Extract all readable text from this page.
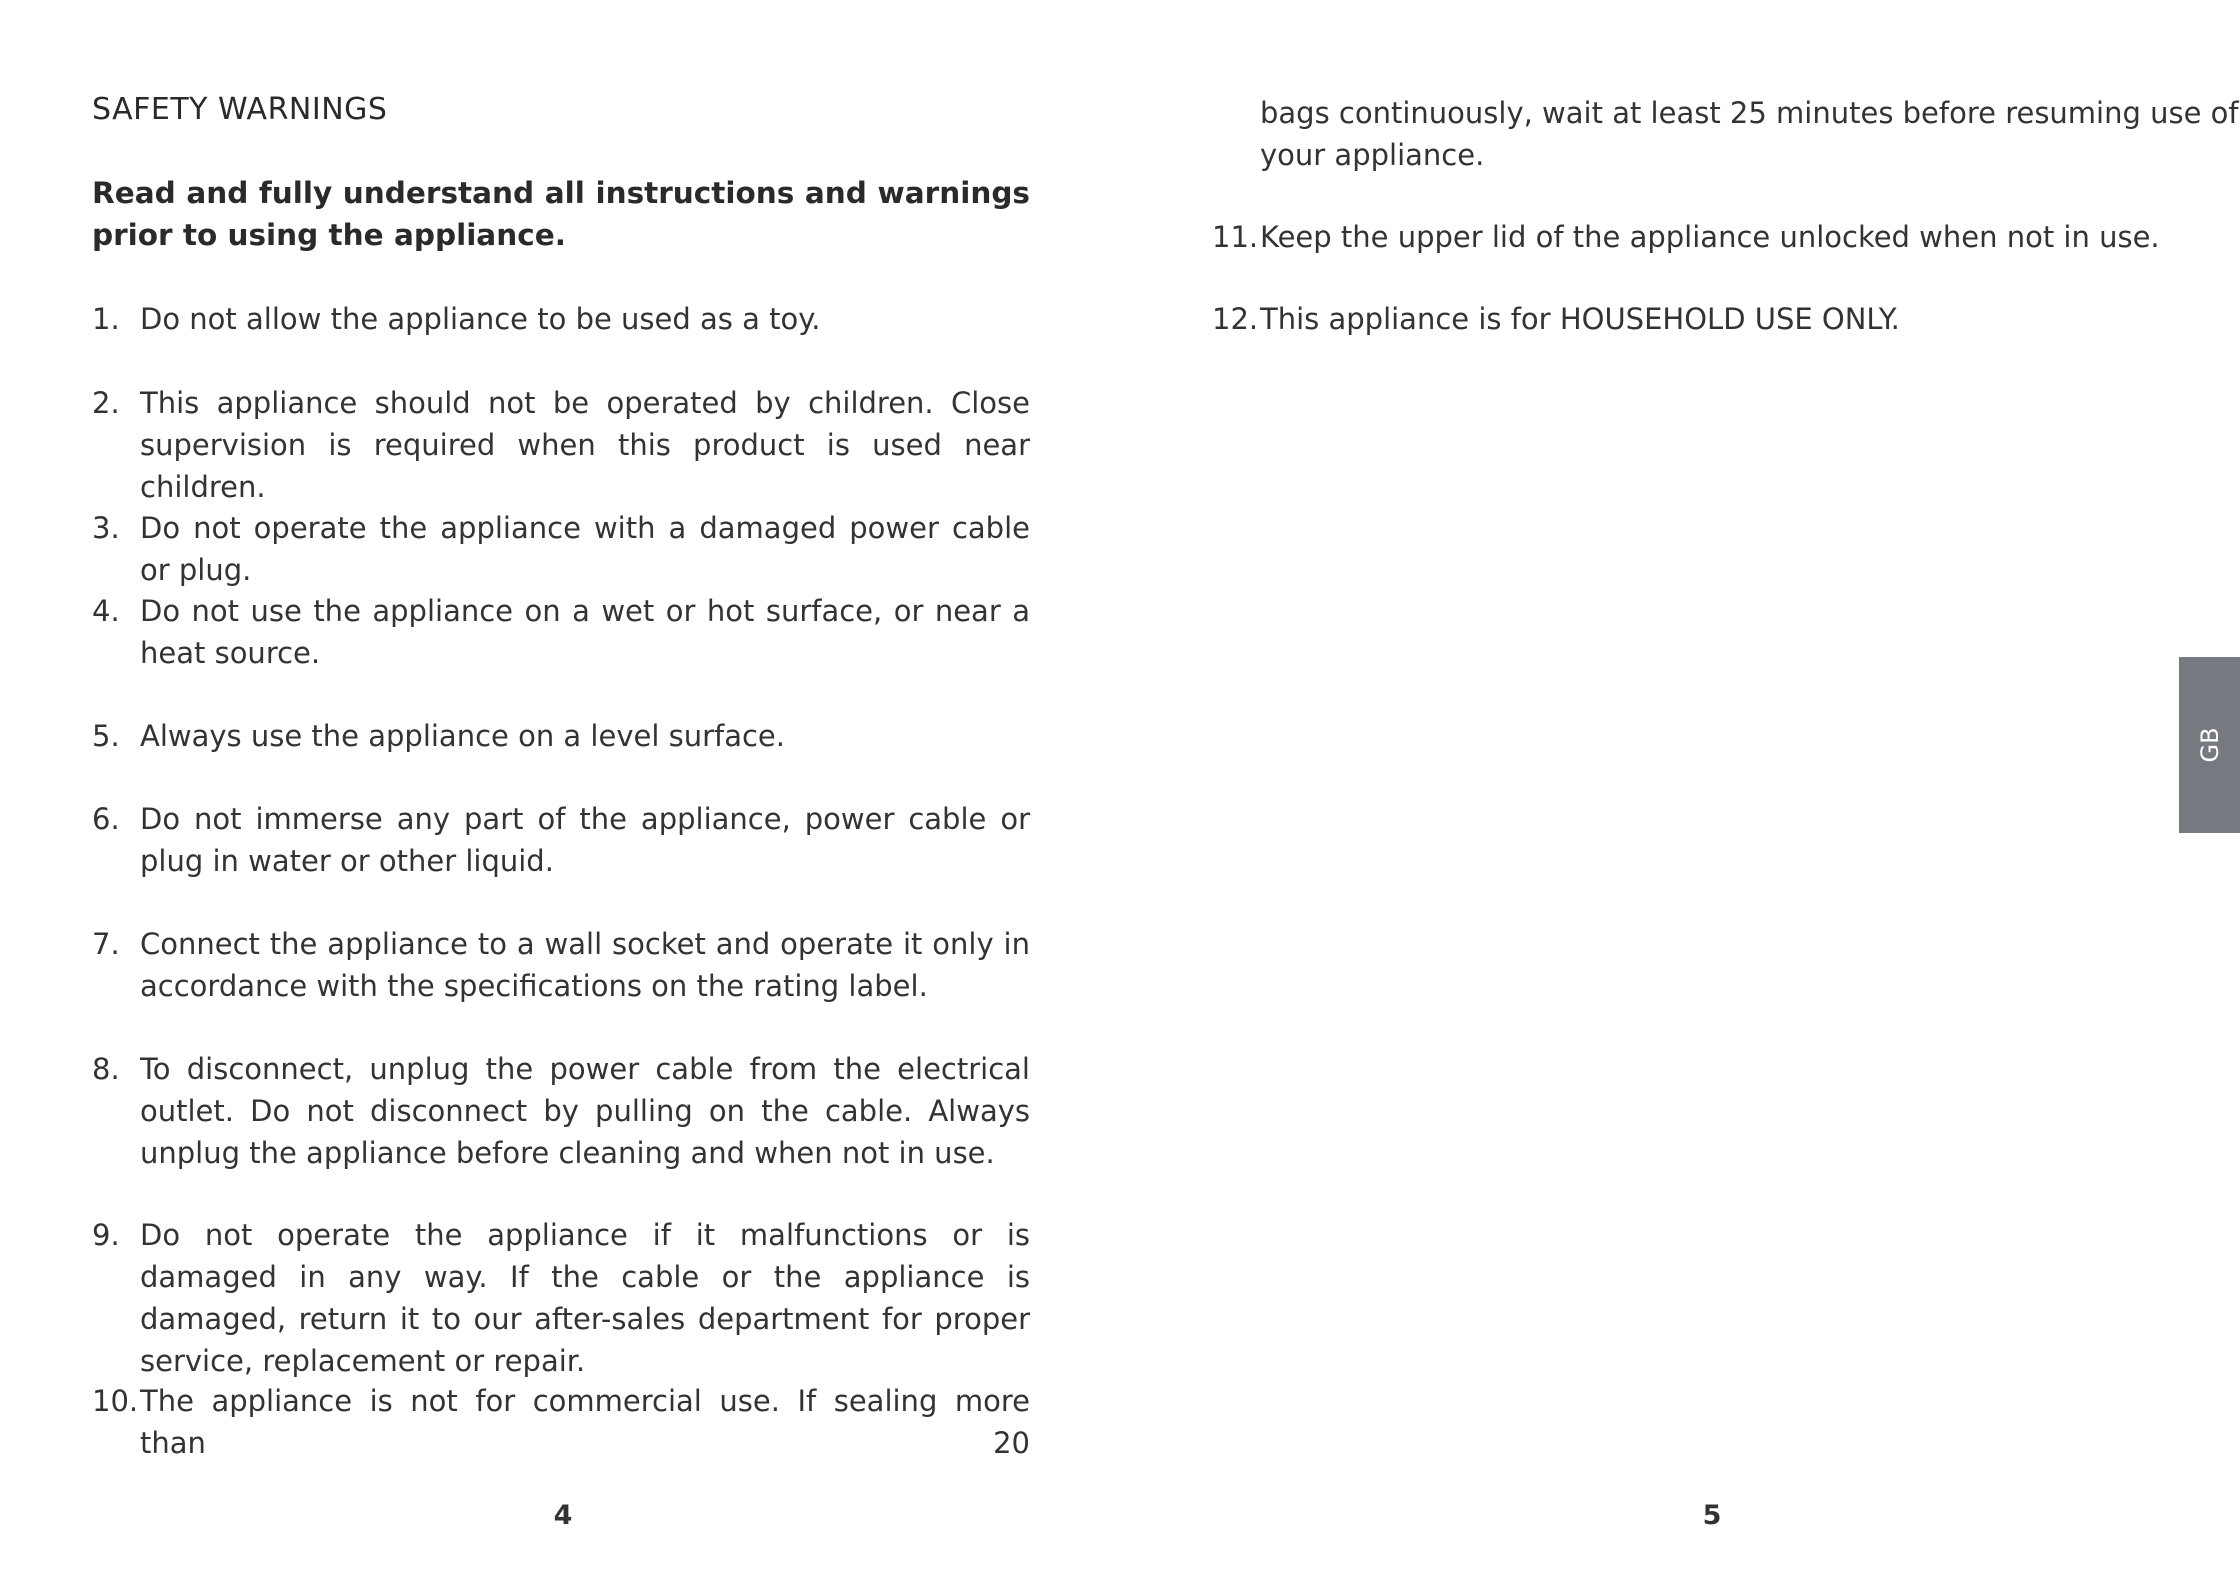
SAFETY WARNINGS
Read and fully understand all instructions and warnings prior to using the appliance.
1. Do not allow the appliance to be used as a toy.
2. This appliance should not be operated by children. Close supervision is required when this product is used near children.
3. Do not operate the appliance with a damaged power cable or plug.
4. Do not use the appliance on a wet or hot surface, or near a heat source.
5. Always use the appliance on a level surface.
6. Do not immerse any part of the appliance, power cable or plug in water or other liquid.
7. Connect the appliance to a wall socket and operate it only in accordance with the specifications on the rating label.
8. To disconnect, unplug the power cable from the electrical outlet. Do not disconnect by pulling on the cable. Always unplug the appliance before cleaning and when not in use.
9. Do not operate the appliance if it malfunctions or is damaged in any way. If the cable or the appliance is damaged, return it to our after-sales department for proper service, replacement or repair.
10. The appliance is not for commercial use. If sealing more than 20
4
bags continuously, wait at least 25 minutes before resuming use of your appliance.
11. Keep the upper lid of the appliance unlocked when not in use.
12. This appliance is for HOUSEHOLD USE ONLY.
5
GB
